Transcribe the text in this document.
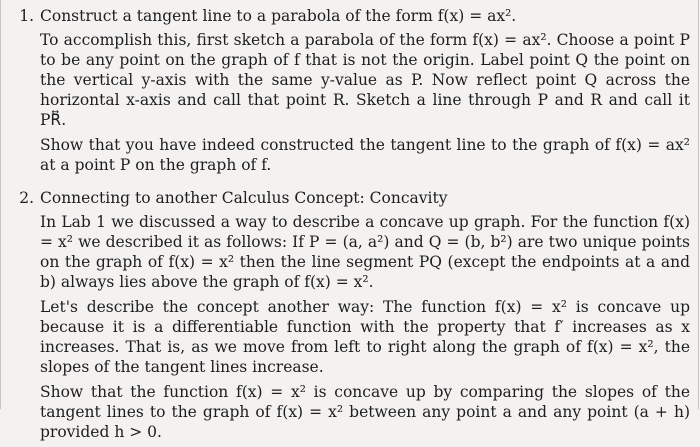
1. Construct a tangent line to a parabola of the form f(x) = ax².

To accomplish this, first sketch a parabola of the form f(x) = ax². Choose a point P to be any point on the graph of f that is not the origin. Label point Q the point on the vertical y-axis with the same y-value as P. Now reflect point Q across the horizontal x-axis and call that point R. Sketch a line through P and R and call it PR⃡.

Show that you have indeed constructed the tangent line to the graph of f(x) = ax² at a point P on the graph of f.

2. Connecting to another Calculus Concept: Concavity

In Lab 1 we discussed a way to describe a concave up graph. For the function f(x) = x² we described it as follows: If P = (a, a²) and Q = (b, b²) are two unique points on the graph of f(x) = x² then the line segment PQ (except the endpoints at a and b) always lies above the graph of f(x) = x².

Let's describe the concept another way: The function f(x) = x² is concave up because it is a differentiable function with the property that f′ increases as x increases. That is, as we move from left to right along the graph of f(x) = x², the slopes of the tangent lines increase.

Show that the function f(x) = x² is concave up by comparing the slopes of the tangent lines to the graph of f(x) = x² between any point a and any point (a + h) provided h > 0.
